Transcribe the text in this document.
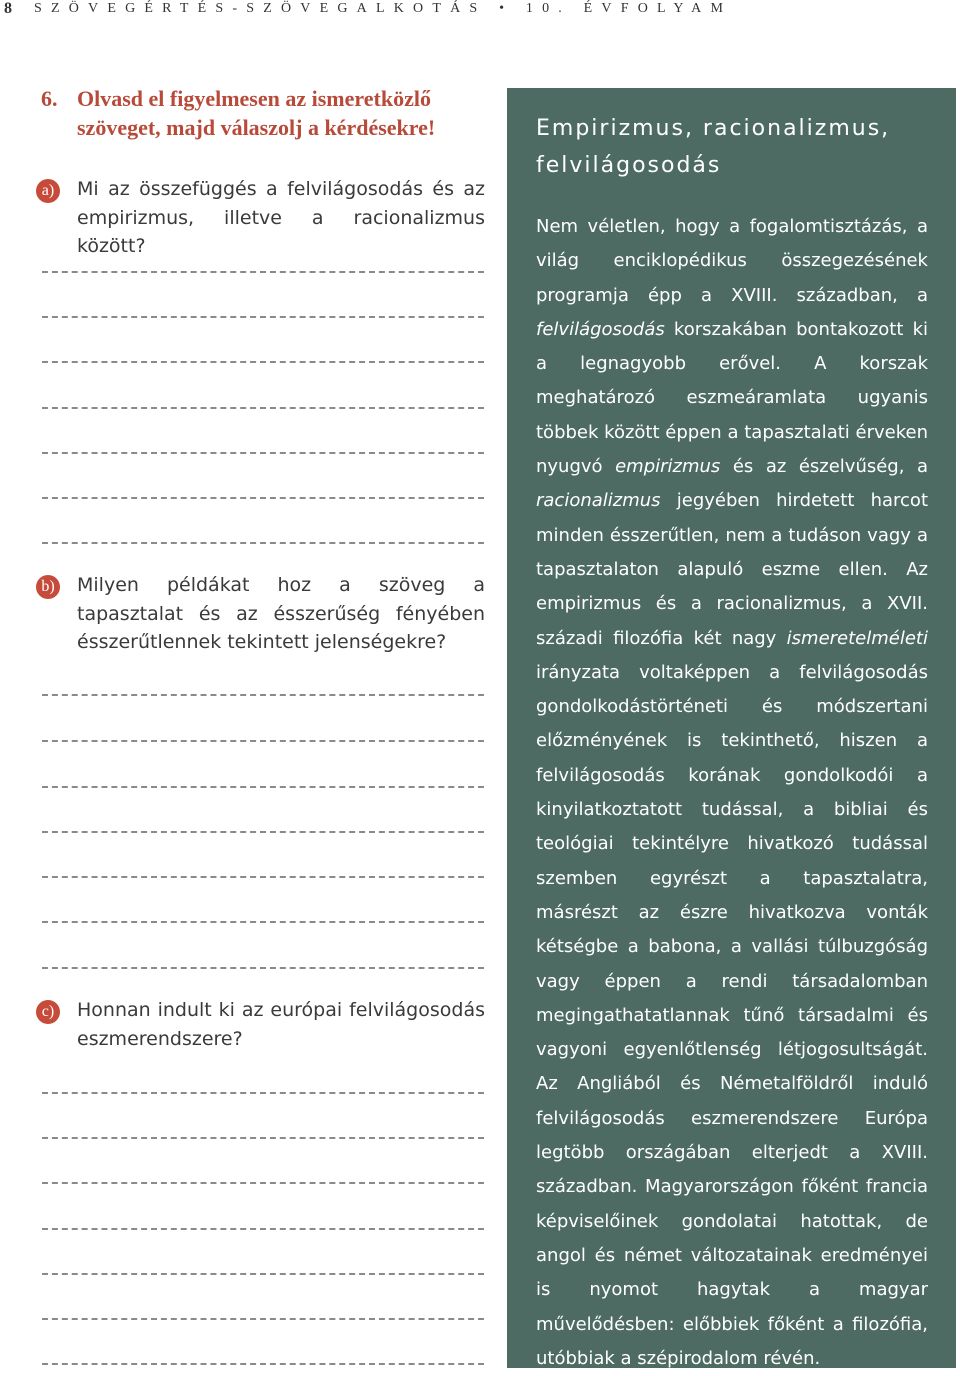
8 SZÖVEGÉRTÉS-SZÖVEGALKOTÁS • 10. ÉVFOLYAM
6. Olvasd el figyelmesen az ismeretközlő szöveget, majd válaszolj a kérdésekre!
a)	Mi az összefüggés a felvilágosodás és az empirizmus, illetve a racionalizmus között?
b) Milyen példákat hoz a szöveg a tapasztalat és az ésszerűség fényében ésszerűtlennek tekintett jelenségekre?
c)	Honnan indult ki az európai felvilágosodás eszmerendszere?
Empirizmus, racionalizmus, felvilágosodás
Nem véletlen, hogy a fogalomtisztázás, a világ enciklopédikus összegezésének programja épp a XVIII. században, a felvilágosodás korszakában bontakozott ki a legnagyobb erővel. A korszak meghatározó eszmeáramlata ugyanis többek között éppen a tapasztalati érveken nyugvó empirizmus és az észelvűség, a racionalizmus jegyében hirdetett harcot minden ésszerűtlen, nem a tudáson vagy a tapasztalaton alapuló eszme ellen. Az empirizmus és a racionalizmus, a XVII. századi filozófia két nagy ismeretelméleti irányzata voltaképpen a felvilágosodás gondolkodástörténeti és módszertani előzményének is tekinthető, hiszen a felvilágosodás korának gondolkodói a kinyilatkoztatott tudással, a bibliai és teológiai tekintélyre hivatkozó tudással szemben egyrészt a tapasztalatra, másrészt az észre hivatkozva vonták kétségbe a babona, a vallási túlbuzgóság vagy éppen a rendi társadalomban megingathatatlannak tűnő társadalmi és vagyoni egyenlőtlenség létjogosultságát. Az Angliából és Németalföldről induló felvilágosodás eszmerendszere Európa legtöbb országában elterjedt a XVIII. században. Magyarországon főként francia képviselőinek gondolatai hatottak, de angol és német változatainak eredményei is nyomot hagytak a magyar művelődésben: előbbiek főként a filozófia, utóbbiak a szépirodalom révén.
